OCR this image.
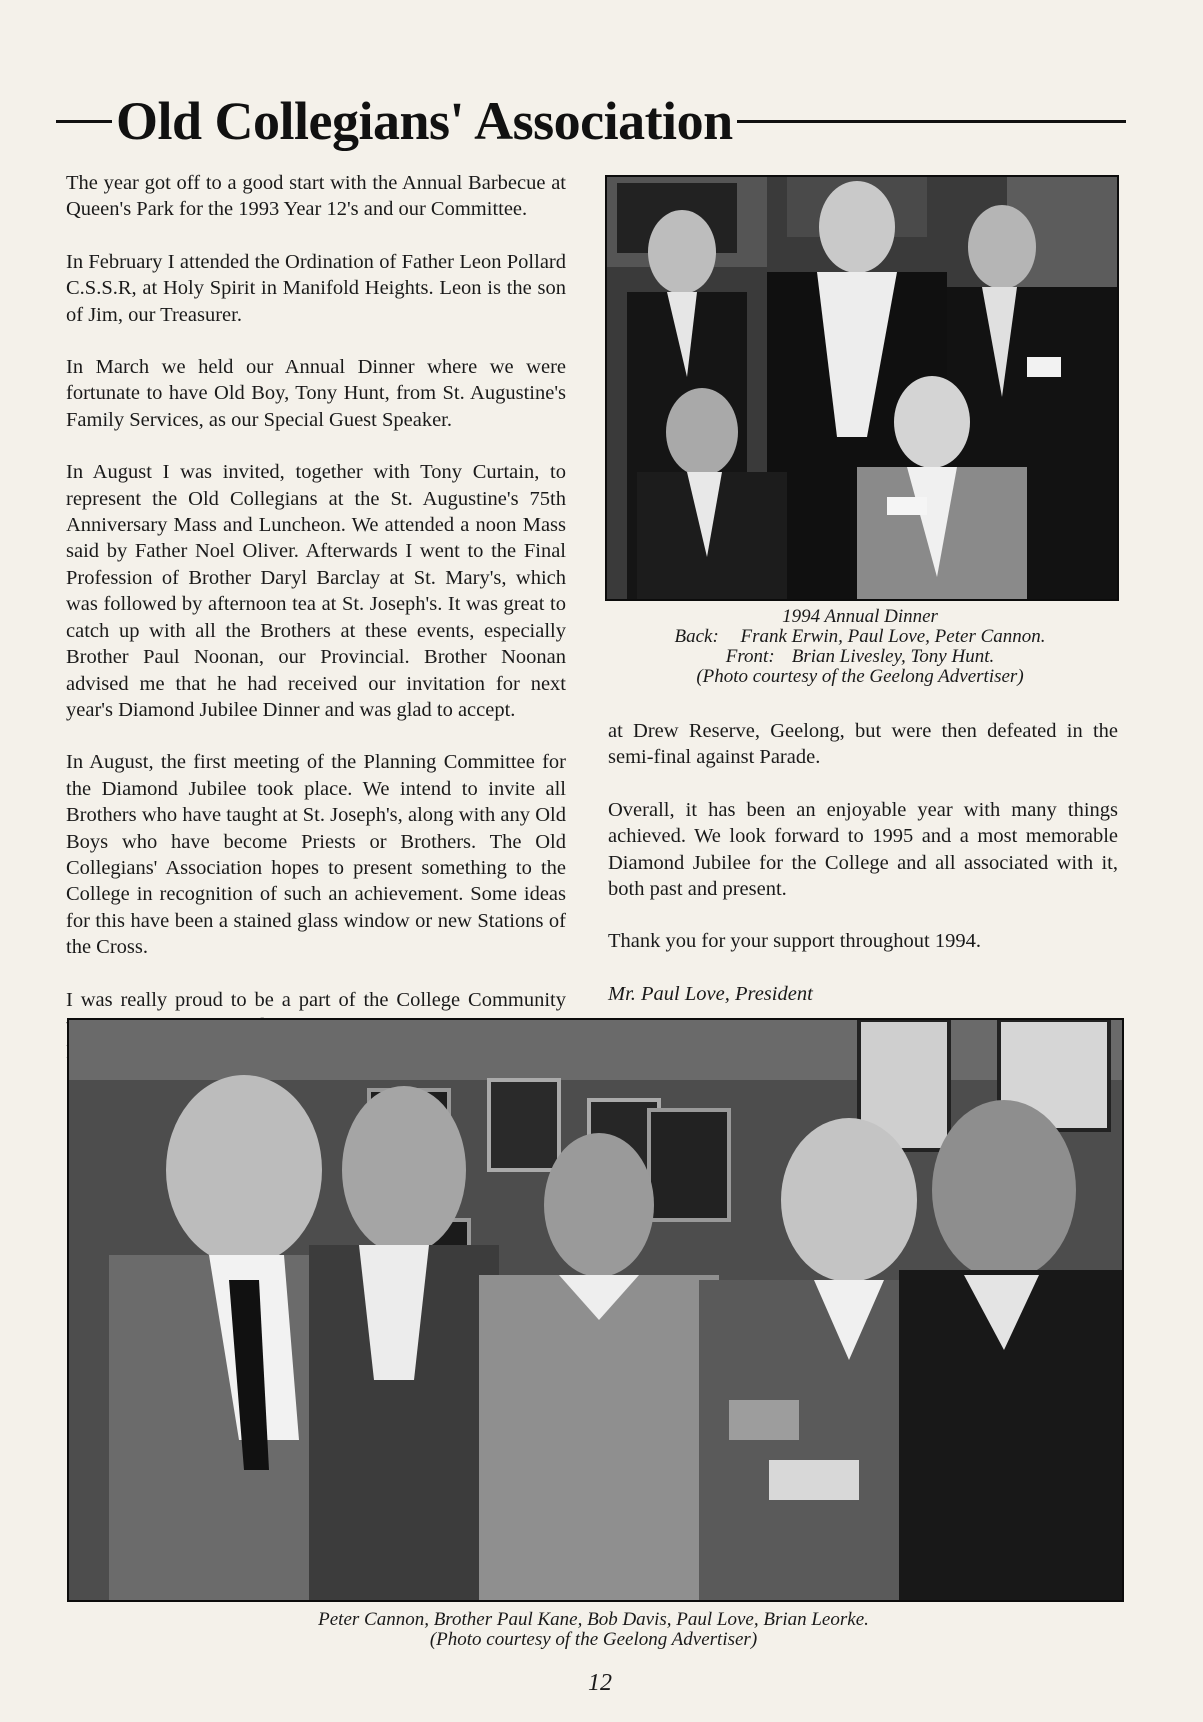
Old Collegians' Association

The year got off to a good start with the Annual Barbecue at Queen's Park for the 1993 Year 12's and our Committee.

In February I attended the Ordination of Father Leon Pollard C.S.S.R, at Holy Spirit in Manifold Heights. Leon is the son of Jim, our Treasurer.

In March we held our Annual Dinner where we were fortunate to have Old Boy, Tony Hunt, from St. Augustine's Family Services, as our Special Guest Speaker.

In August I was invited, together with Tony Curtain, to represent the Old Collegians at the St. Augustine's 75th Anniversary Mass and Luncheon. We attended a noon Mass said by Father Noel Oliver. Afterwards I went to the Final Profession of Brother Daryl Barclay at St. Mary's, which was followed by afternoon tea at St. Joseph's. It was great to catch up with all the Brothers at these events, especially Brother Paul Noonan, our Provincial. Brother Noonan advised me that he had received our invitation for next year's Diamond Jubilee Dinner and was glad to accept.

In August, the first meeting of the Planning Committee for the Diamond Jubilee took place. We intend to invite all Brothers who have taught at St. Joseph's, along with any Old Boys who have become Priests or Brothers. The Old Collegians' Association hopes to present something to the College in recognition of such an achievement. Some ideas for this have been a stained glass window or new Stations of the Cross.

I was really proud to be a part of the College Community

1994 Annual Dinner
Back:	Frank Erwin, Paul Love, Peter Cannon.
Front: Brian Livesley, Tony Hunt.
(Photo courtesy of the Geelong Advertiser)

at Drew Reserve, Geelong, but were then defeated in the semi-final against Parade.

Overall, it has been an enjoyable year with many things achieved. We look forward to 1995 and a most memorable Diamond Jubilee for the College and all associated with it, both past and present.

Thank you for your support throughout 1994.

Mr. Paul Love, President

Peter Cannon, Brother Paul Kane, Bob Davis, Paul Love, Brian Leorke.
(Photo courtesy of the Geelong Advertiser)
12
